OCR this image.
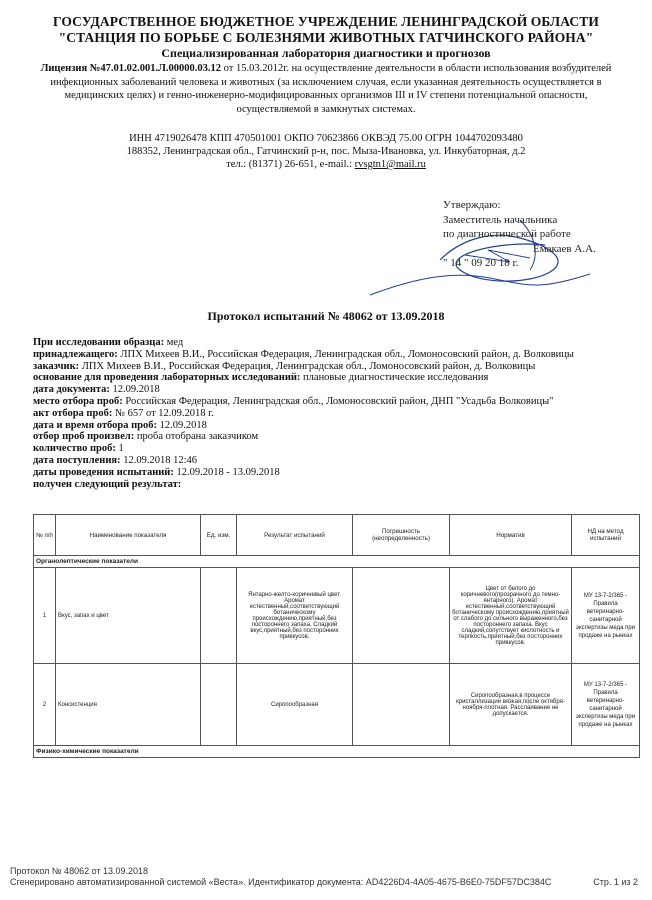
ГОСУДАРСТВЕННОЕ БЮДЖЕТНОЕ УЧРЕЖДЕНИЕ ЛЕНИНГРАДСКОЙ ОБЛАСТИ
"СТАНЦИЯ ПО БОРЬБЕ С БОЛЕЗНЯМИ ЖИВОТНЫХ ГАТЧИНСКОГО РАЙОНА"
Специализированная лаборатория диагностики и прогнозов
Лицензия №47.01.02.001.Л.00000.03.12 от 15.03.2012г. на осуществление деятельности в области использования возбудителей инфекционных заболеваний человека и животных (за исключением случая, если указанная деятельность осуществляется в медицинских целях) и генно-инженерно-модифицированных организмов III и IV степени потенциальной опасности, осуществляемой в замкнутых системах.
ИНН 4719026478 КПП 470501001 ОКПО 70623866 ОКВЭД 75.00 ОГРН 1044702093480
188352, Ленинградская обл., Гатчинский р-н, пос. Мыза-Ивановка, ул. Инкубаторная, д.2
тел.: (81371) 26-651, e-mail.: rvsgtn1@mail.ru
Утверждаю:
Заместитель начальника
по диагностической работе
Емакаев А.А.
" 14 " 09 20 18 г.
Протокол испытаний № 48062 от 13.09.2018
При исследовании образца: мед
принадлежащего: ЛПХ Михеев В.И., Российская Федерация, Ленинградская обл., Ломоносовский район, д. Волковицы
заказчик: ЛПХ Михеев В.И., Российская Федерация, Ленинградская обл., Ломоносовский район, д. Волковицы
основание для проведения лабораторных исследований: плановые диагностические исследования
дата документа: 12.09.2018
место отбора проб: Российская Федерация, Ленинградская обл., Ломоносовский район, ДНП "Усадьба Волковицы"
акт отбора проб: № 657 от 12.09.2018 г.
дата и время отбора проб: 12.09.2018
отбор проб произвел: проба отобрана заказчиком
количество проб: 1
дата поступления: 12.09.2018 12:46
даты проведения испытаний: 12.09.2018 - 13.09.2018
получен следующий результат:
№ п/п	Наименование показателя	Ед. изм.	Результат испытаний	Погрешность (неопределенность)	Норматив	НД на метод испытаний
Органолептические показатели						
1	Вкус, запах и цвет		Янтарно-желто-коричневый цвет. Аромат естественный,соответствующий ботаническому происхождению,приятный,без постороннего запаха. Сладкий вкус,приятный,без посторонних привкусов.		Цвет от белого до коричневого(прозрачного до темно-янтарного). Аромат естественный,соответствующий ботаническому происхождению,приятный от слабого до сильного выраженного,без постороннего запаха. Вкус сладкий,сопутствует кислотность и терпкость,приятный,без посторонних привкусов.	МУ 13-7-2/365 - Правила ветеринарно-санитарной экспертизы меда при продаже на рынках
2	Консистенция		Сиропообразная		Сиропообразная,в процессе кристаллизации вязкая,после октября-ноября-плотная. Расслаивание не допускается.	МУ 13-7-2/365 - Правила ветеринарно-санитарной экспертизы меда при продаже на рынках
Физико-химические показатели						
Протокол № 48062 от 13.09.2018
Сгенерировано автоматизированной системой «Веста». Идентификатор документа: AD4226D4-4A05-4675-B6E0-75DF57DC384C	Стр. 1 из 2
